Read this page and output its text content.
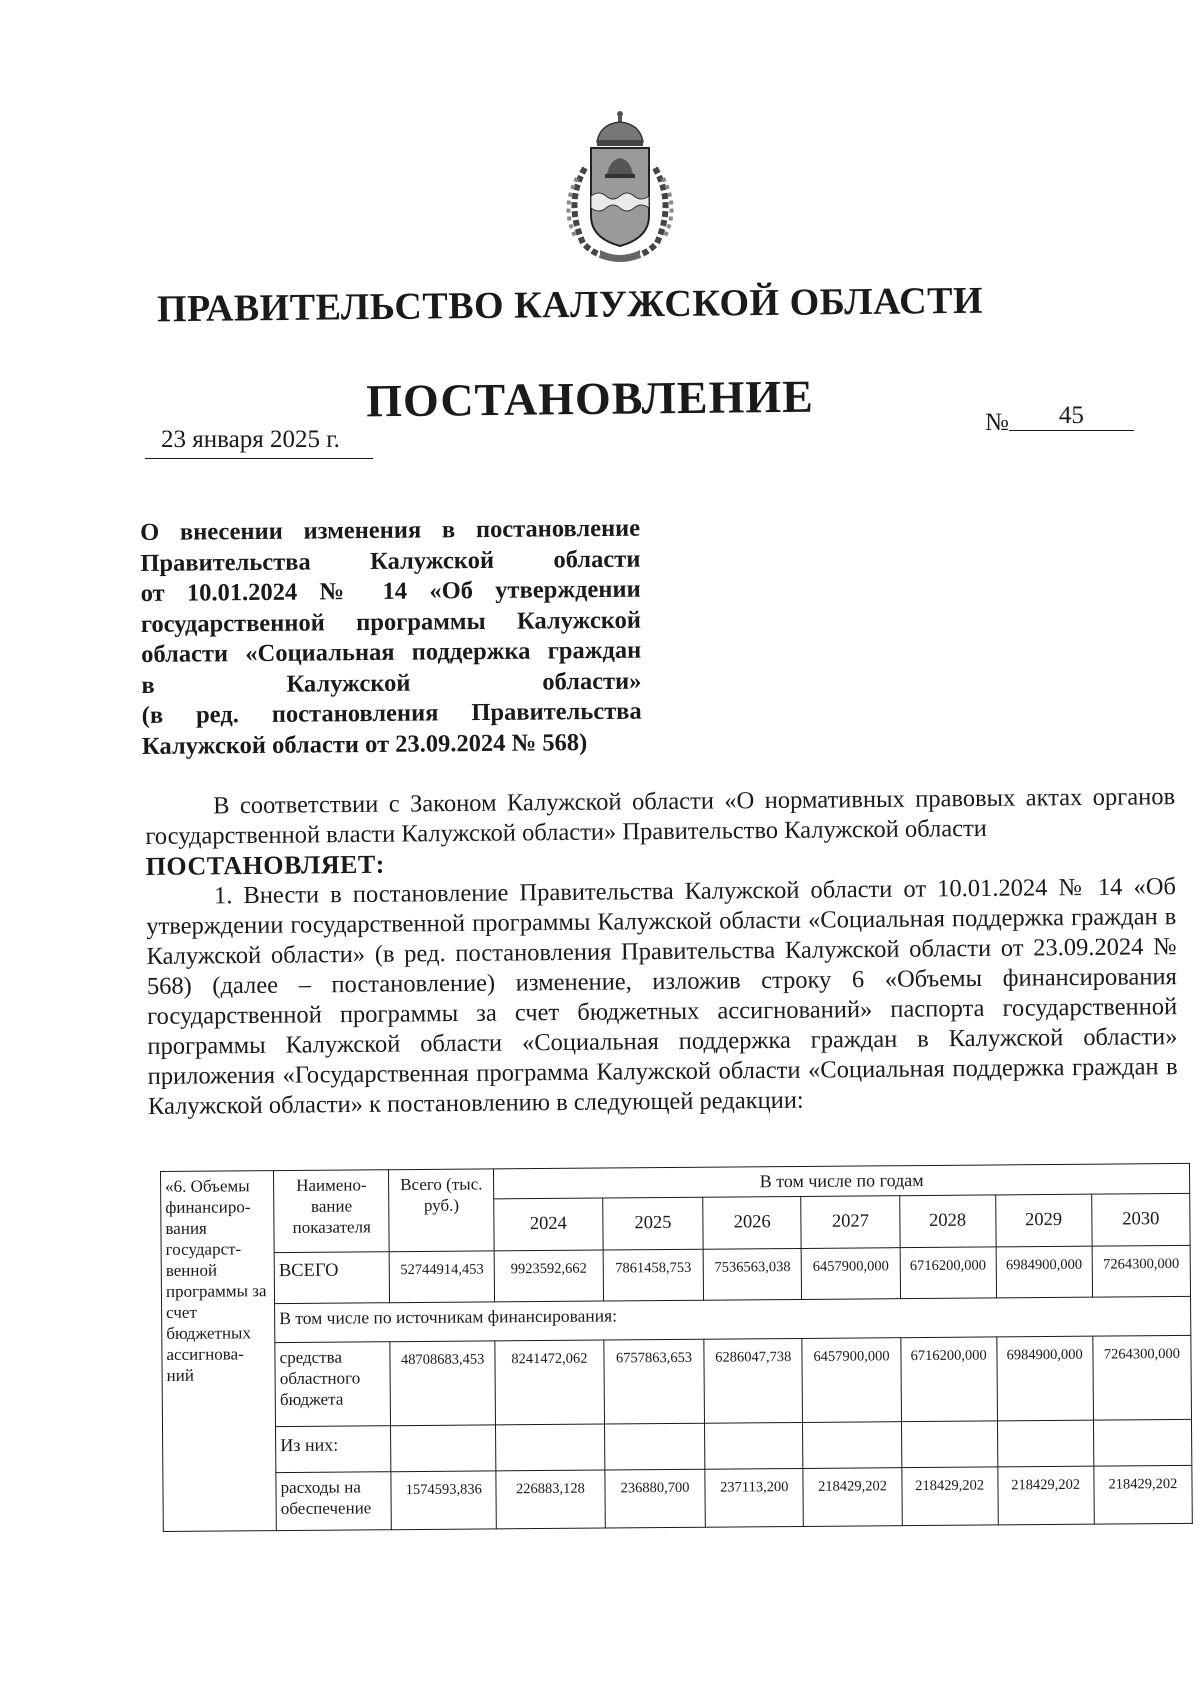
ПРАВИТЕЛЬСТВО КАЛУЖСКОЙ ОБЛАСТИ
ПОСТАНОВЛЕНИЕ
23 января 2025 г.
№ 45
О внесении изменения в постановление
Правительства Калужской области
от 10.01.2024 № 14 «Об утверждении
государственной программы Калужской
области «Социальная поддержка граждан
в Калужской области»
(в ред. постановления Правительства
Калужской области от 23.09.2024 № 568)

В соответствии с Законом Калужской области «О нормативных правовых актах органов государственной власти Калужской области» Правительство Калужской области

ПОСТАНОВЛЯЕТ:

1. Внести в постановление Правительства Калужской области от 10.01.2024 № 14 «Об утверждении государственной программы Калужской области «Социальная поддержка граждан в Калужской области» (в ред. постановления Правительства Калужской области от 23.09.2024 № 568) (далее – постановление) изменение, изложив строку 6 «Объемы финансирования государственной программы за счет бюджетных ассигнований» паспорта государственной программы Калужской области «Социальная поддержка граждан в Калужской области» приложения «Государственная программа Калужской области «Социальная поддержка граждан в Калужской области» к постановлению в следующей редакции:

«6. Объемы финансиро-вания государст-венной программы за счет бюджетных ассигнова-ний	Наимено-вание показателя	Всего (тыс. руб.)	В том числе по годам						
			2024	2025	2026	2027	2028	2029	2030
	ВСЕГО	52744914,453	9923592,662	7861458,753	7536563,038	6457900,000	6716200,000	6984900,000	7264300,000
	В том числе по источникам финансирования:								
	средства областного бюджета	48708683,453	8241472,062	6757863,653	6286047,738	6457900,000	6716200,000	6984900,000	7264300,000
	Из них:								
	расходы на обеспечение	1574593,836	226883,128	236880,700	237113,200	218429,202	218429,202	218429,202	218429,202
